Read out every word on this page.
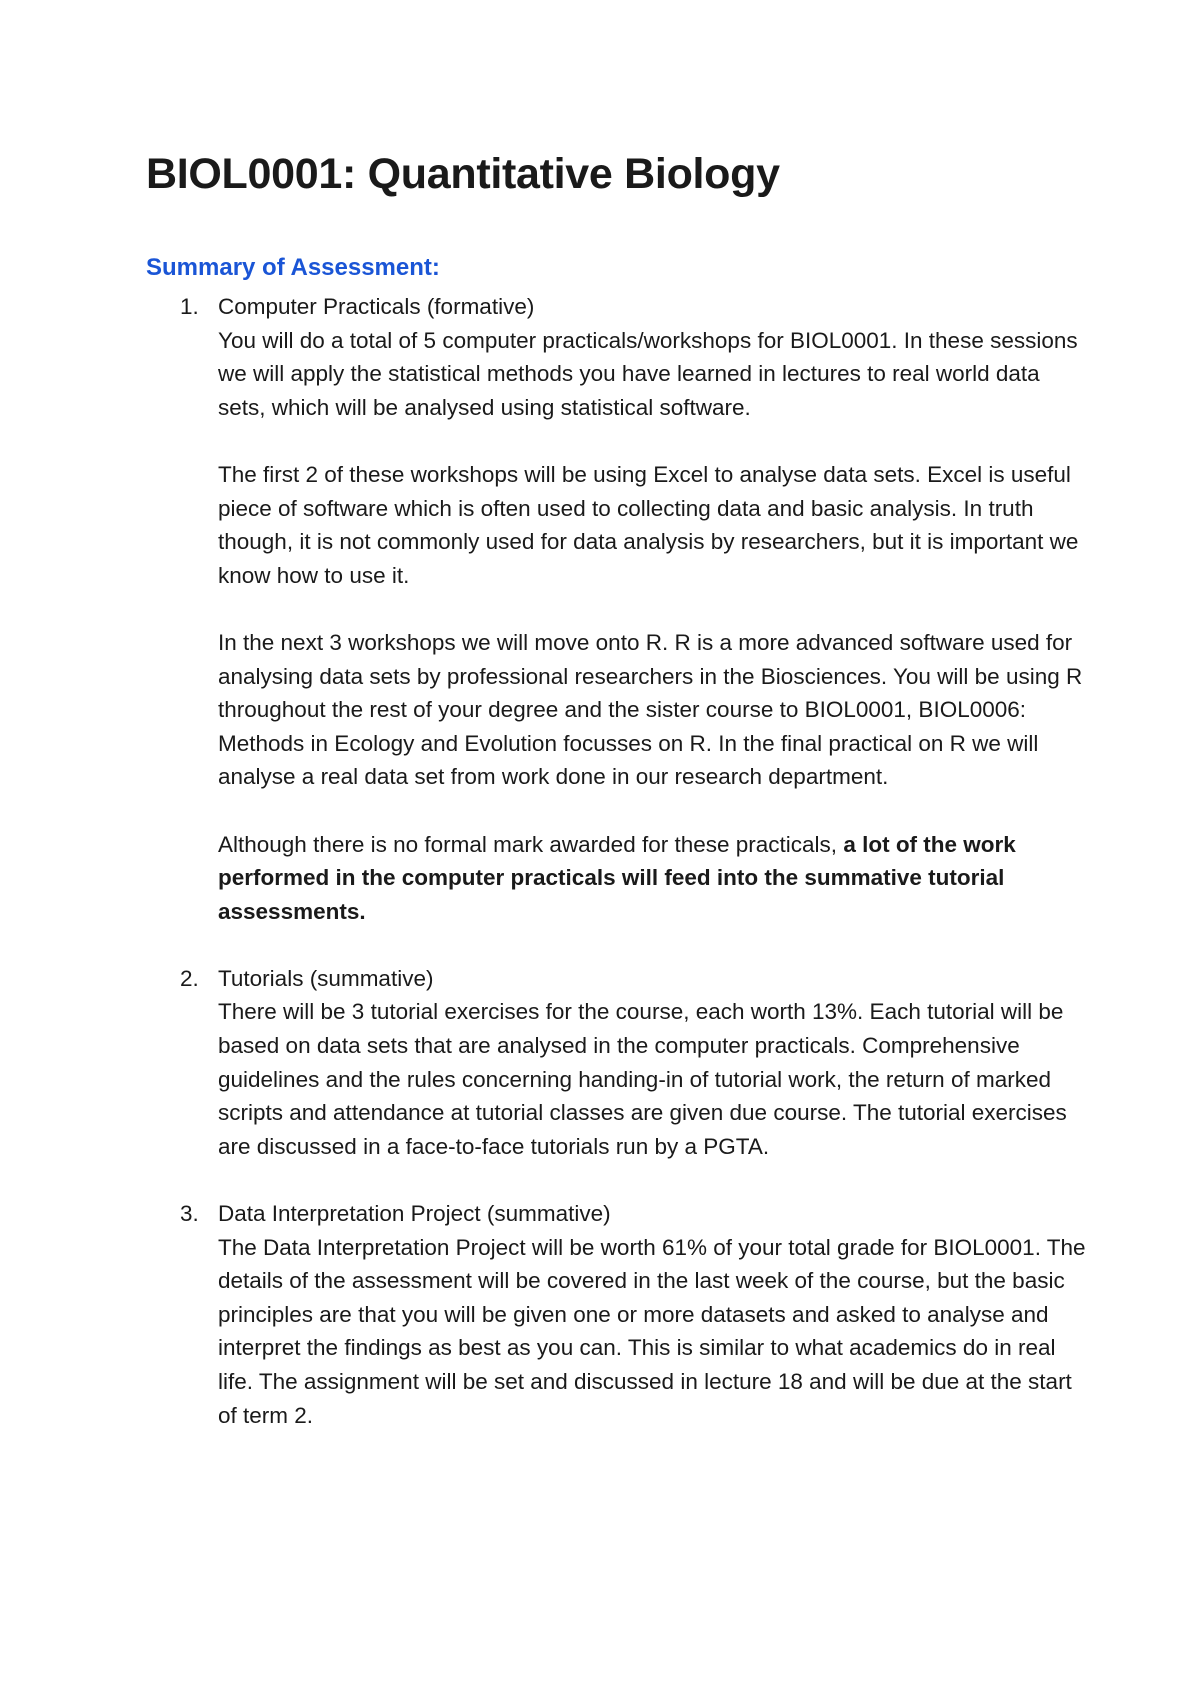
BIOL0001: Quantitative Biology
Summary of Assessment:
1. Computer Practicals (formative)

You will do a total of 5 computer practicals/workshops for BIOL0001. In these sessions we will apply the statistical methods you have learned in lectures to real world data sets, which will be analysed using statistical software.

The first 2 of these workshops will be using Excel to analyse data sets. Excel is useful piece of software which is often used to collecting data and basic analysis. In truth though, it is not commonly used for data analysis by researchers, but it is important we know how to use it.

In the next 3 workshops we will move onto R. R is a more advanced software used for analysing data sets by professional researchers in the Biosciences. You will be using R throughout the rest of your degree and the sister course to BIOL0001, BIOL0006: Methods in Ecology and Evolution focusses on R. In the final practical on R we will analyse a real data set from work done in our research department.

Although there is no formal mark awarded for these practicals, a lot of the work performed in the computer practicals will feed into the summative tutorial assessments.

2. Tutorials (summative)

There will be 3 tutorial exercises for the course, each worth 13%. Each tutorial will be based on data sets that are analysed in the computer practicals. Comprehensive guidelines and the rules concerning handing-in of tutorial work, the return of marked scripts and attendance at tutorial classes are given due course. The tutorial exercises are discussed in a face-to-face tutorials run by a PGTA.

3. Data Interpretation Project (summative)

The Data Interpretation Project will be worth 61% of your total grade for BIOL0001. The details of the assessment will be covered in the last week of the course, but the basic principles are that you will be given one or more datasets and asked to analyse and interpret the findings as best as you can. This is similar to what academics do in real life. The assignment will be set and discussed in lecture 18 and will be due at the start of term 2.
